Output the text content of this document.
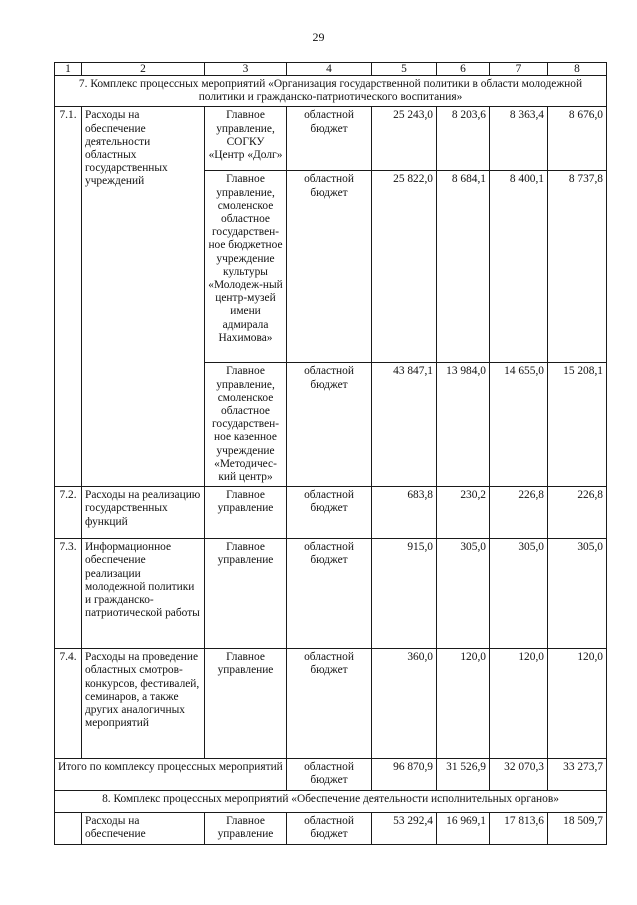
29
1	2	3	4	5	6	7	8
7. Комплекс процессных мероприятий «Организация государственной политики в области молодежной политики и гражданско-патриотического воспитания»							
7.1.	Расходы на обеспечение деятельности областных государственных учреждений	Главное управление, СОГКУ «Центр «Долг»	областной бюджет	25 243,0	8 203,6	8 363,4	8 676,0
		Главное управление, смоленское областное государствен-ное бюджетное учреждение культуры «Молодеж-ный центр-музей имени адмирала Нахимова»	областной бюджет	25 822,0	8 684,1	8 400,1	8 737,8
		Главное управление, смоленское областное государствен-ное казенное учреждение «Методичес-кий центр»	областной бюджет	43 847,1	13 984,0	14 655,0	15 208,1
7.2.	Расходы на реализацию государственных функций	Главное управление	областной бюджет	683,8	230,2	226,8	226,8
7.3.	Информационное обеспечение реализации молодежной политики и гражданско-патриотической работы	Главное управление	областной бюджет	915,0	305,0	305,0	305,0
7.4.	Расходы на проведение областных смотров-конкурсов, фестивалей, семинаров, а также других аналогичных мероприятий	Главное управление	областной бюджет	360,0	120,0	120,0	120,0
Итого по комплексу процессных мероприятий			областной бюджет	96 870,9	31 526,9	32 070,3	33 273,7
8. Комплекс процессных мероприятий «Обеспечение деятельности исполнительных органов»							
	Расходы на обеспечение	Главное управление	областной бюджет	53 292,4	16 969,1	17 813,6	18 509,7
